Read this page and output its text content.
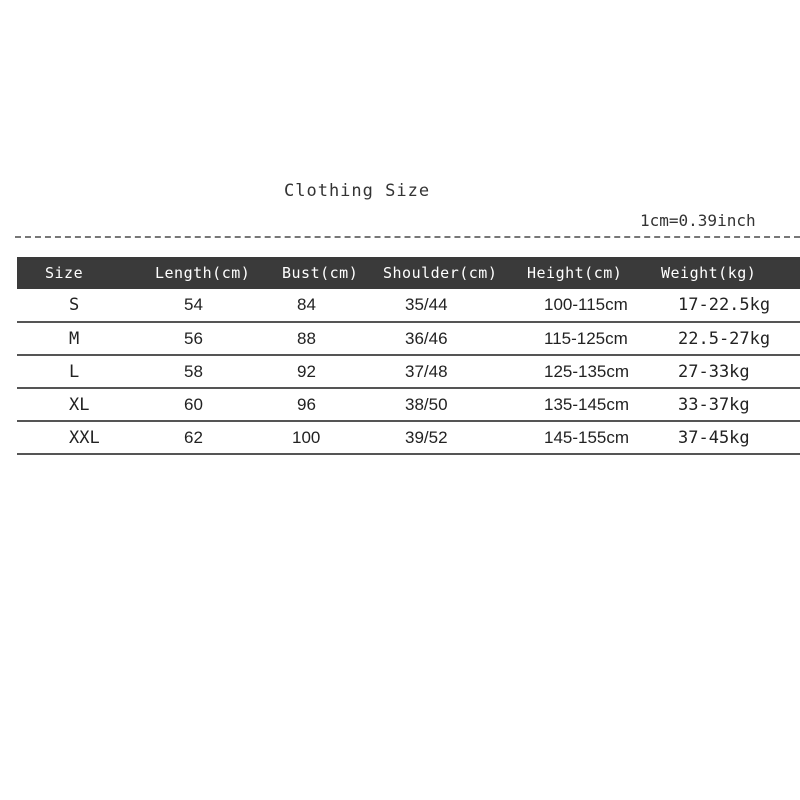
Clothing Size
1cm=0.39inch
Size	Length(cm)	Bust(cm)	Shoulder(cm)	Height(cm)	Weight(kg)
S	54	84	35/44	100-115cm	17-22.5kg
M	56	88	36/46	115-125cm	22.5-27kg
L	58	92	37/48	125-135cm	27-33kg
XL	60	96	38/50	135-145cm	33-37kg
XXL	62	100	39/52	145-155cm	37-45kg
